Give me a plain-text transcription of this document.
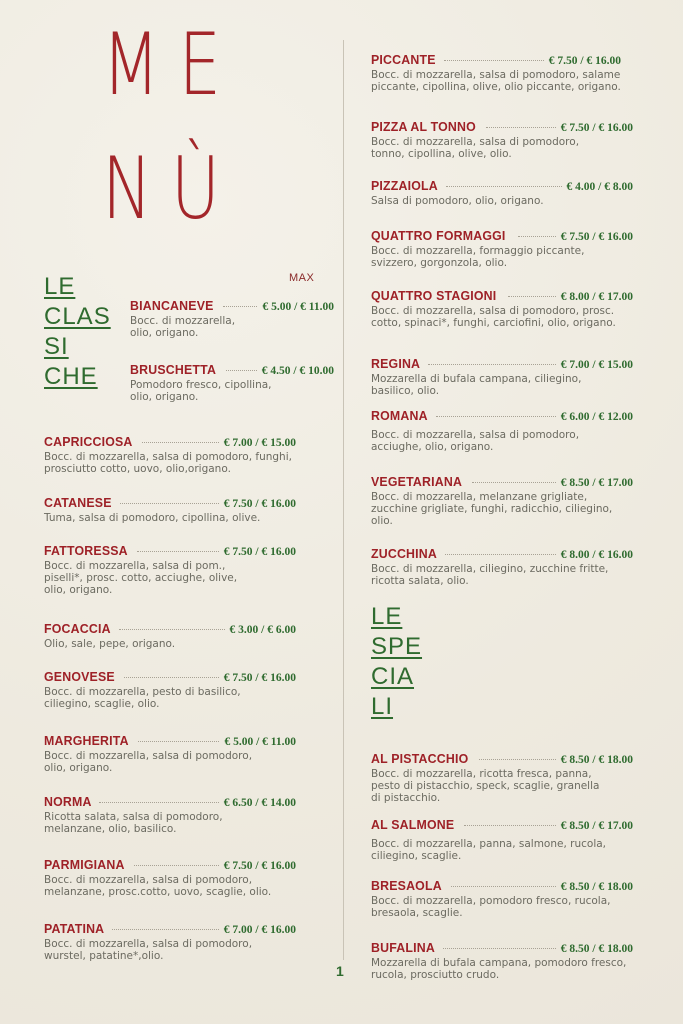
ME
NÙ
LE
CLAS
SI
CHE
MAX
BIANCANEVE	€ 5.00 / € 11.00
Bocc. di mozzarella, olio, origano.
BRUSCHETTA	€ 4.50 / € 10.00
Pomodoro fresco, cipollina, olio, origano.
CAPRICCIOSA	€ 7.00 / € 15.00
Bocc. di mozzarella, salsa di pomodoro, funghi, prosciutto cotto, uovo, olio,origano.
CATANESE	€ 7.50 / € 16.00
Tuma, salsa di pomodoro, cipollina, olive.
FATTORESSA	€ 7.50 / € 16.00
Bocc. di mozzarella, salsa di pom., piselli*, prosc. cotto, acciughe, olive, olio, origano.
FOCACCIA	€ 3.00 / € 6.00
Olio, sale, pepe, origano.
GENOVESE	€ 7.50 / € 16.00
Bocc. di mozzarella, pesto di basilico, ciliegino, scaglie, olio.
MARGHERITA	€ 5.00 / € 11.00
Bocc. di mozzarella, salsa di pomodoro, olio, origano.
NORMA	€ 6.50 / € 14.00
Ricotta salata, salsa di pomodoro, melanzane, olio, basilico.
PARMIGIANA	€ 7.50 / € 16.00
Bocc. di mozzarella, salsa di pomodoro, melanzane, prosc.cotto, uovo, scaglie, olio.
PATATINA	€ 7.00 / € 16.00
Bocc. di mozzarella, salsa di pomodoro, wurstel, patatine*,olio.
PICCANTE	€ 7.50 / € 16.00
Bocc. di mozzarella, salsa di pomodoro, salame piccante, cipollina, olive, olio piccante, origano.
PIZZA AL TONNO	€ 7.50 / € 16.00
Bocc. di mozzarella, salsa di pomodoro, tonno, cipollina, olive, olio.
PIZZAIOLA	€ 4.00 / € 8.00
Salsa di pomodoro, olio, origano.
QUATTRO FORMAGGI	€ 7.50 / € 16.00
Bocc. di mozzarella, formaggio piccante, svizzero, gorgonzola, olio.
QUATTRO STAGIONI	€ 8.00 / € 17.00
Bocc. di mozzarella, salsa di pomodoro, prosc. cotto, spinaci*, funghi, carciofini, olio, origano.
REGINA	€ 7.00 / € 15.00
Mozzarella di bufala campana, ciliegino, basilico, olio.
ROMANA	€ 6.00 / € 12.00
Bocc. di mozzarella, salsa di pomodoro, acciughe, olio, origano.
VEGETARIANA	€ 8.50 / € 17.00
Bocc. di mozzarella, melanzane grigliate, zucchine grigliate, funghi, radicchio, ciliegino, olio.
ZUCCHINA	€ 8.00 / € 16.00
Bocc. di mozzarella, ciliegino, zucchine fritte, ricotta salata, olio.
LE
SPE
CIA
LI
AL PISTACCHIO	€ 8.50 / € 18.00
Bocc. di mozzarella, ricotta fresca, panna, pesto di pistacchio, speck, scaglie, granella di pistacchio.
AL SALMONE	€ 8.50 / € 17.00
Bocc. di mozzarella, panna, salmone, rucola, ciliegino, scaglie.
BRESAOLA	€ 8.50 / € 18.00
Bocc. di mozzarella, pomodoro fresco, rucola, bresaola, scaglie.
BUFALINA	€ 8.50 / € 18.00
Mozzarella di bufala campana, pomodoro fresco, rucola, prosciutto crudo.
1
